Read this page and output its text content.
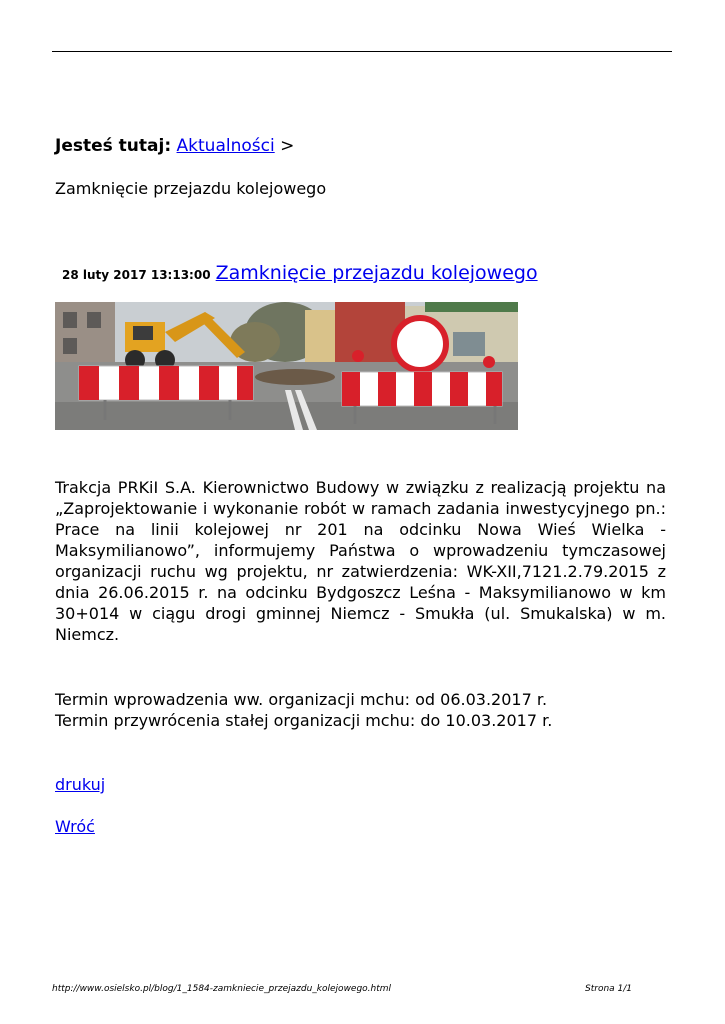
Jesteś tutaj: Aktualności >
Zamknięcie przejazdu kolejowego
28 luty 2017 13:13:00 Zamknięcie przejazdu kolejowego

Trakcja PRKiI S.A. Kierownictwo Budowy w związku z realizacją projektu na „Zaprojektowanie i wykonanie robót w ramach zadania inwestycyjnego pn.: Prace na linii kolejowej nr 201 na odcinku Nowa Wieś Wielka - Maksymilianowo”, informujemy Państwa o wprowadzeniu tymczasowej organizacji ruchu wg projektu, nr zatwierdzenia: WK-XII,7121.2.79.2015 z dnia 26.06.2015 r. na odcinku Bydgoszcz Leśna - Maksymilianowo w km 30+014 w ciągu drogi gminnej Niemcz - Smukła (ul. Smukalska) w m. Niemcz.

Termin wprowadzenia ww. organizacji mchu: od 06.03.2017 r.
Termin przywrócenia stałej organizacji mchu: do 10.03.2017 r.
drukuj
Wróć
http://www.osielsko.pl/blog/1_1584-zamkniecie_przejazdu_kolejowego.html	Strona 1/1
